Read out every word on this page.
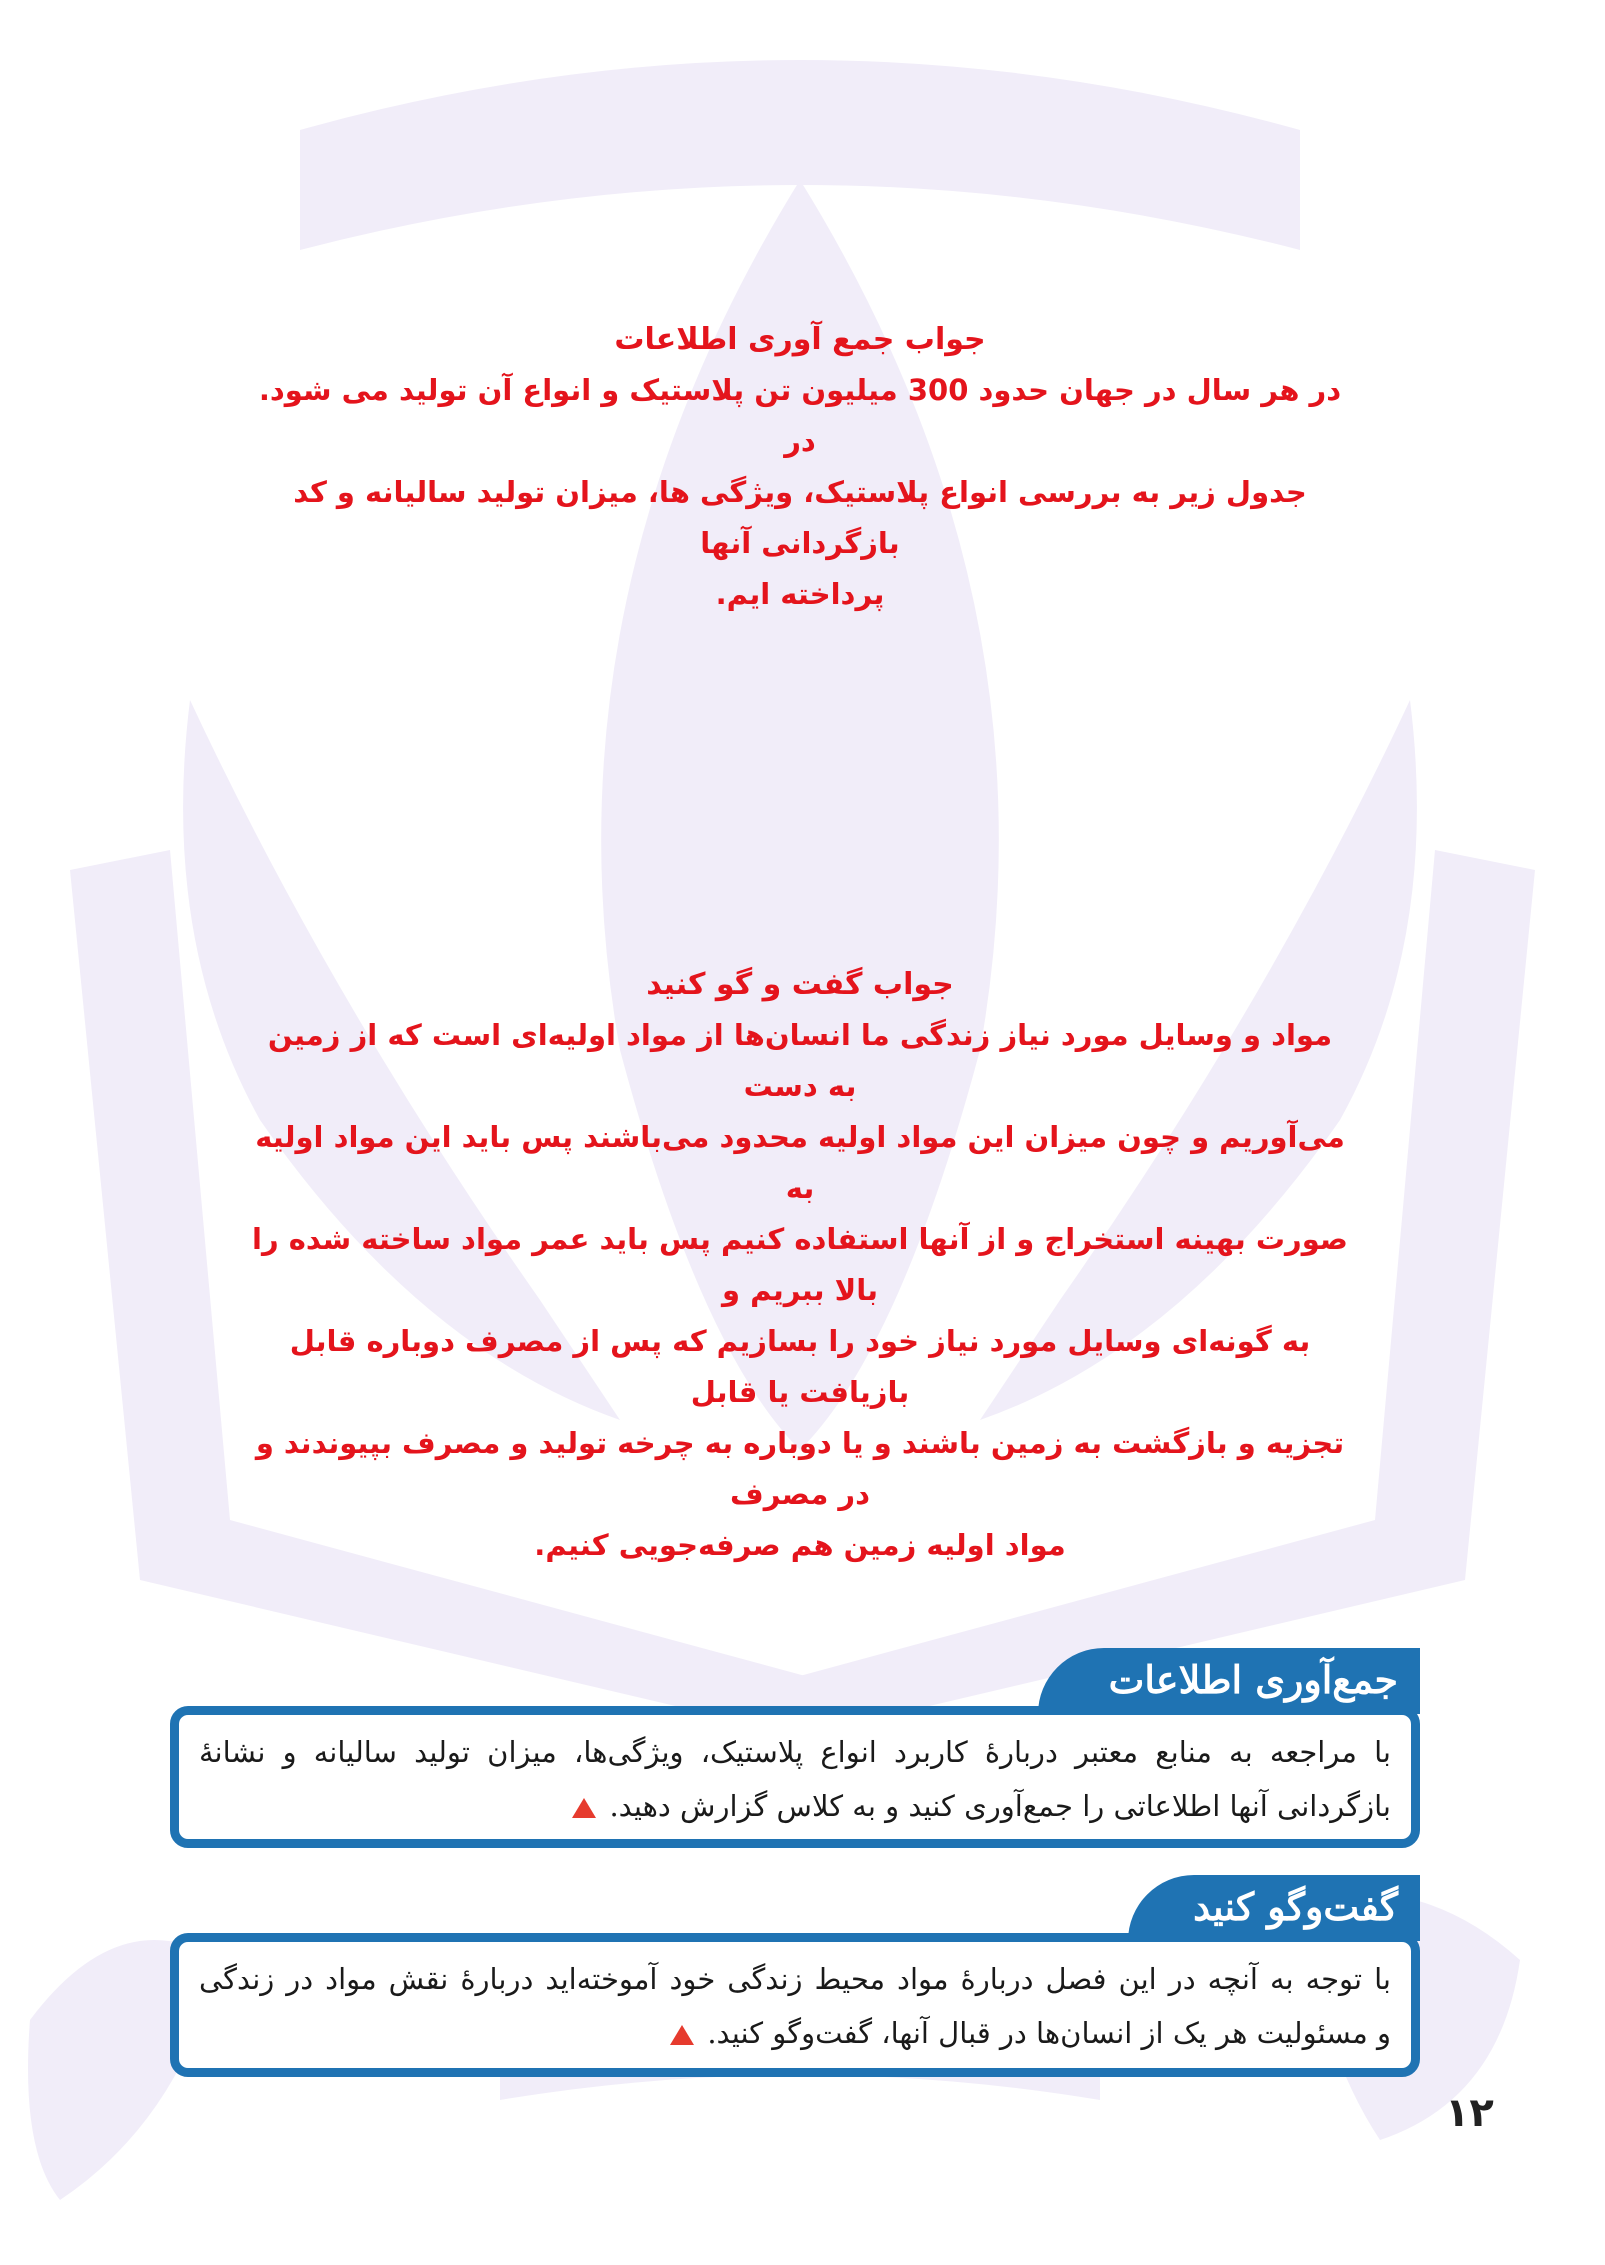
جواب جمع آوری اطلاعات
در هر سال در جهان حدود 300 میلیون تن پلاستیک و انواع آن تولید می شود. در
جدول زیر به بررسی انواع پلاستیک، ویژگی ها، میزان تولید سالیانه و کد بازگردانی آنها
پرداخته ایم.
جواب گفت و گو کنید
مواد و وسایل مورد نیاز زندگی ما انسان‌ها از مواد اولیه‌ای است که از زمین به دست
می‌آوریم و چون میزان این مواد اولیه محدود می‌باشند پس باید این مواد اولیه به
صورت بهینه استخراج و از آنها استفاده کنیم پس باید عمر مواد ساخته شده را بالا ببریم و
به گونه‌ای وسایل مورد نیاز خود را بسازیم که پس از مصرف دوباره قابل بازیافت یا قابل
تجزیه و بازگشت به زمین باشند و یا دوباره به چرخه تولید و مصرف بپیوندند و در مصرف
مواد اولیه زمین هم صرفه‌جویی کنیم.
با مراجعه به منابع معتبر دربارۀ کاربرد انواع پلاستیک، ویژگی‌ها، میزان تولید سالیانه و نشانۀ
بازگردانی آنها اطلاعاتی را جمع‌آوری کنید و به کلاس گزارش دهید.
جمع‌آوری اطلاعات
با توجه به آنچه در این فصل دربارۀ مواد محیط زندگی خود آموخته‌اید دربارۀ نقش مواد در زندگی
و مسئولیت هر یک از انسان‌ها در قبال آنها، گفت‌وگو کنید.
گفت‌وگو کنید
۱۲
